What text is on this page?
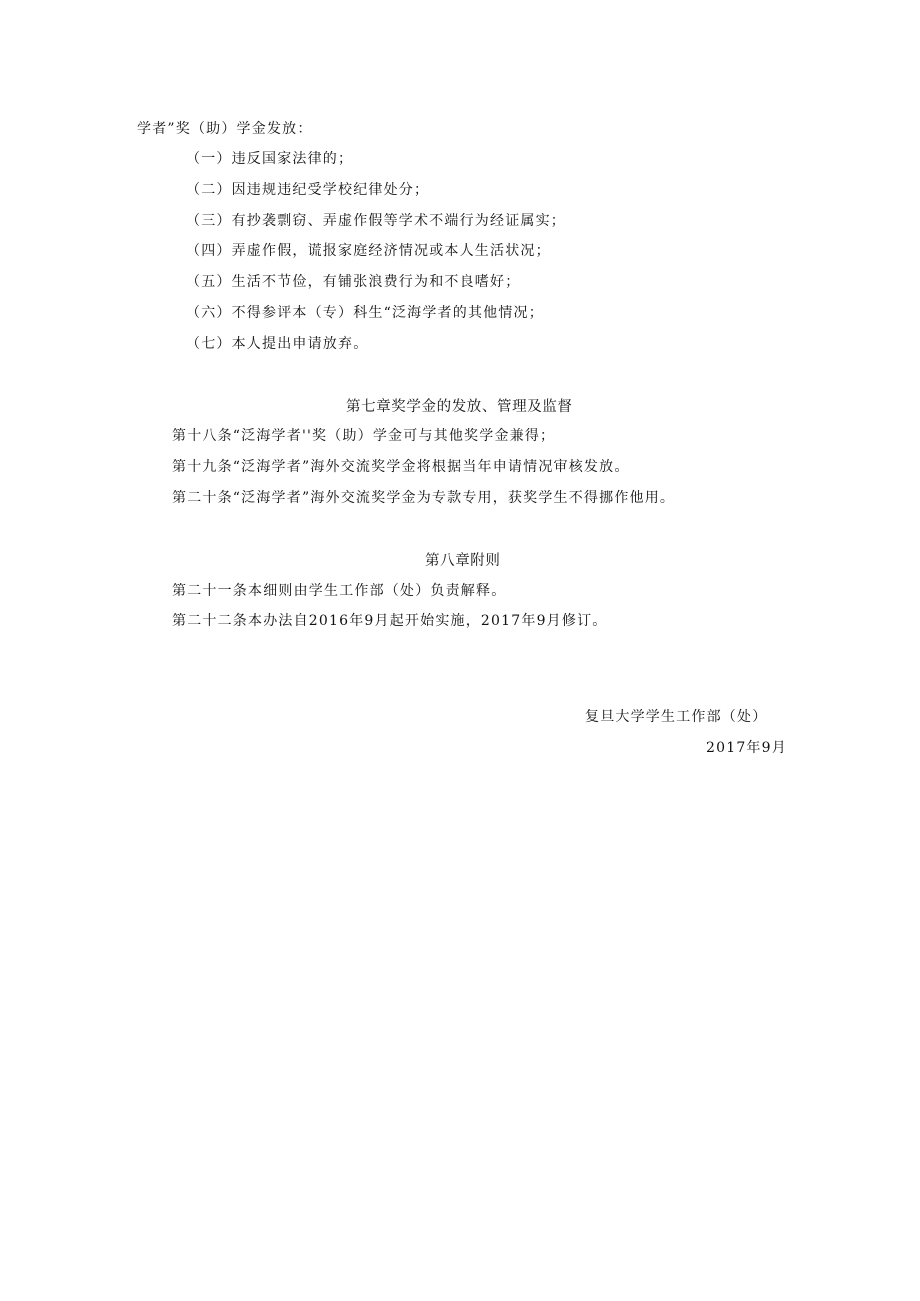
学者”奖（助）学金发放：
（一）违反国家法律的；
（二）因违规违纪受学校纪律处分；
（三）有抄袭剽窃、弄虚作假等学术不端行为经证属实；
（四）弄虚作假，谎报家庭经济情况或本人生活状况；
（五）生活不节俭，有铺张浪费行为和不良嗜好；
（六）不得参评本（专）科生“泛海学者的其他情况；
（七）本人提出申请放弃。
第七章奖学金的发放、管理及监督
第十八条“泛海学者''奖（助）学金可与其他奖学金兼得；
第十九条“泛海学者”海外交流奖学金将根据当年申请情况审核发放。
第二十条“泛海学者”海外交流奖学金为专款专用，获奖学生不得挪作他用。
第八章附则
第二十一条本细则由学生工作部（处）负责解释。
第二十二条本办法自2016年9月起开始实施，2017年9月修订。
复旦大学学生工作部（处）
2017年9月
